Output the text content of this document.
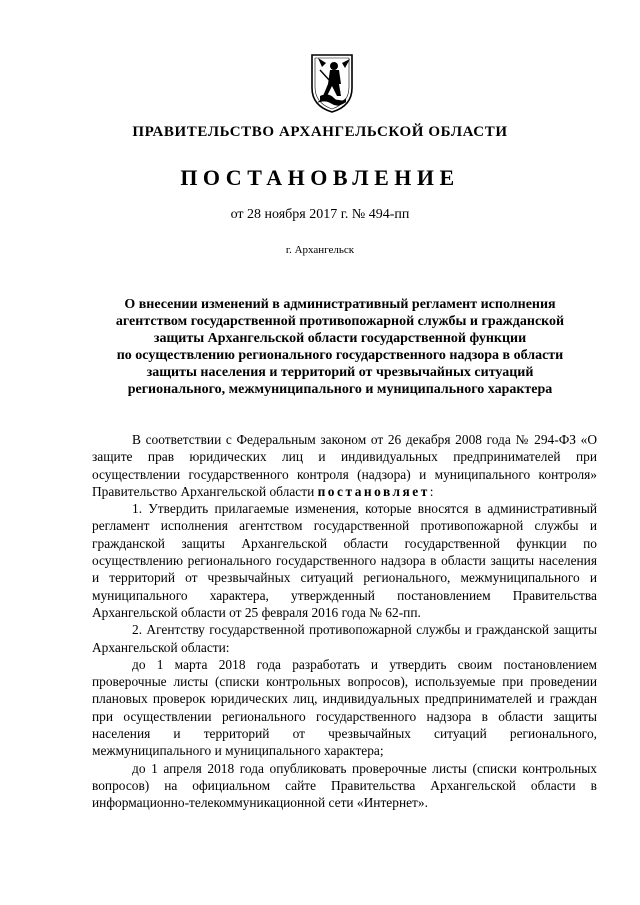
ПРАВИТЕЛЬСТВО АРХАНГЕЛЬСКОЙ ОБЛАСТИ
ПОСТАНОВЛЕНИЕ
от 28 ноября 2017 г. № 494-пп
г. Архангельск
О внесении изменений в административный регламент исполнения
агентством государственной противопожарной службы и гражданской
защиты Архангельской области государственной функции
по осуществлению регионального государственного надзора в области
защиты населения и территорий от чрезвычайных ситуаций
регионального, межмуниципального и муниципального характера

В соответствии с Федеральным законом от 26 декабря 2008 года № 294-ФЗ «О защите прав юридических лиц и индивидуальных предпринимателей при осуществлении государственного контроля (надзора) и муниципального контроля» Правительство Архангельской области постановляет:

1. Утвердить прилагаемые изменения, которые вносятся в административный регламент исполнения агентством государственной противопожарной службы и гражданской защиты Архангельской области государственной функции по осуществлению регионального государственного надзора в области защиты населения и территорий от чрезвычайных ситуаций регионального, межмуниципального и муниципального характера, утвержденный постановлением Правительства Архангельской области от 25 февраля 2016 года № 62-пп.

2. Агентству государственной противопожарной службы и гражданской защиты Архангельской области:

до 1 марта 2018 года разработать и утвердить своим постановлением проверочные листы (списки контрольных вопросов), используемые при проведении плановых проверок юридических лиц, индивидуальных предпринимателей и граждан при осуществлении регионального государственного надзора в области защиты населения и территорий от чрезвычайных ситуаций регионального, межмуниципального и муниципального характера;

до 1 апреля 2018 года опубликовать проверочные листы (списки контрольных вопросов) на официальном сайте Правительства Архангельской области в информационно-телекоммуникационной сети «Интернет».
